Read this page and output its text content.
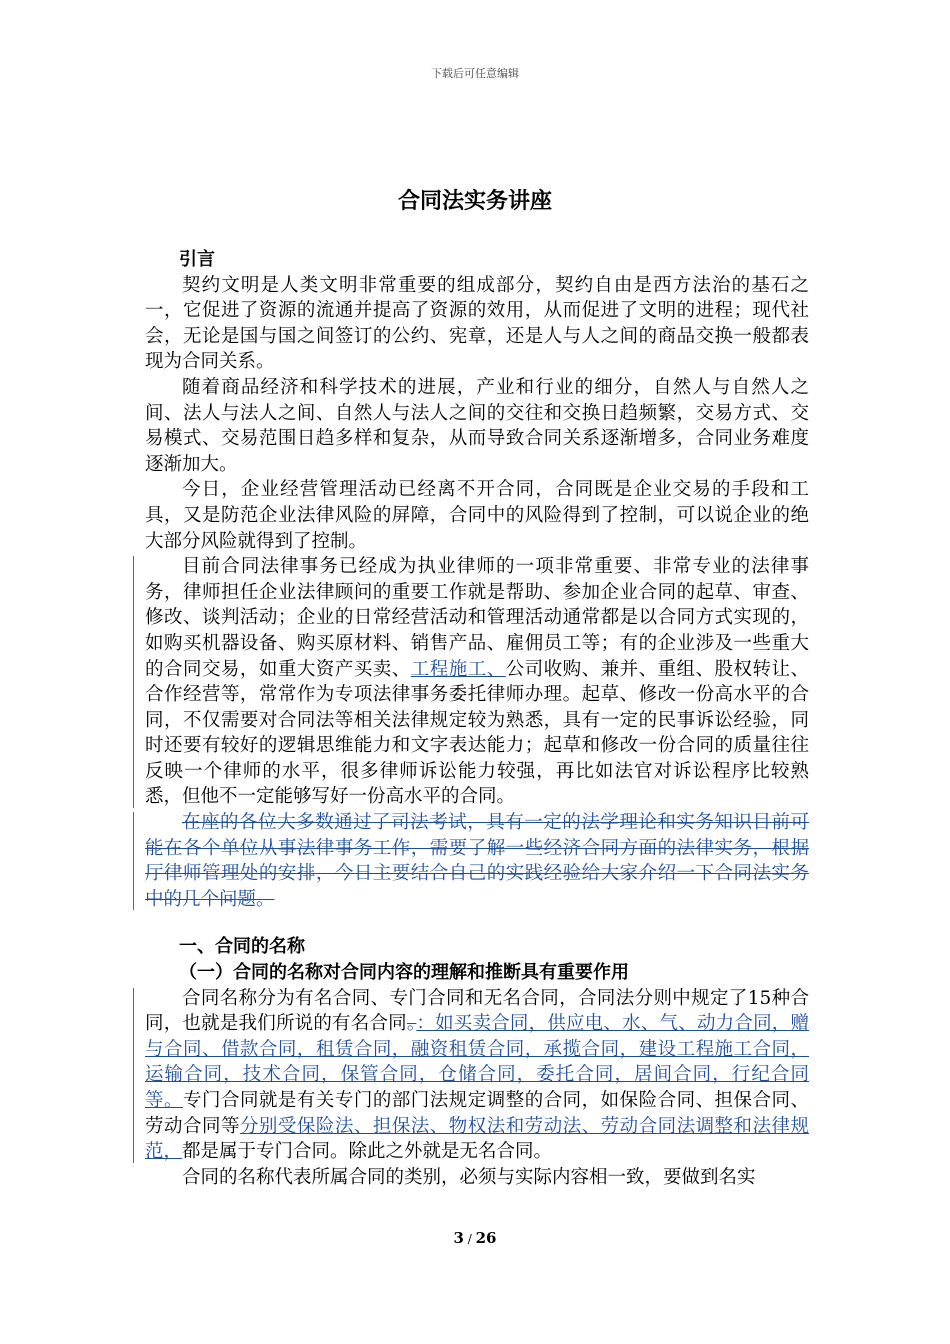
下载后可任意编辑
合同法实务讲座
引言

契约文明是人类文明非常重要的组成部分，契约自由是西方法治的基石之一，它促进了资源的流通并提高了资源的效用，从而促进了文明的进程；现代社会，无论是国与国之间签订的公约、宪章，还是人与人之间的商品交换一般都表现为合同关系。

随着商品经济和科学技术的进展，产业和行业的细分，自然人与自然人之间、法人与法人之间、自然人与法人之间的交往和交换日趋频繁，交易方式、交易模式、交易范围日趋多样和复杂，从而导致合同关系逐渐增多，合同业务难度逐渐加大。

今日，企业经营管理活动已经离不开合同，合同既是企业交易的手段和工具，又是防范企业法律风险的屏障，合同中的风险得到了控制，可以说企业的绝大部分风险就得到了控制。

目前合同法律事务已经成为执业律师的一项非常重要、非常专业的法律事务，律师担任企业法律顾问的重要工作就是帮助、参加企业合同的起草、审查、修改、谈判活动；企业的日常经营活动和管理活动通常都是以合同方式实现的，如购买机器设备、购买原材料、销售产品、雇佣员工等；有的企业涉及一些重大的合同交易，如重大资产买卖、工程施工、公司收购、兼并、重组、股权转让、合作经营等，常常作为专项法律事务委托律师办理。起草、修改一份高水平的合同，不仅需要对合同法等相关法律规定较为熟悉，具有一定的民事诉讼经验，同时还要有较好的逻辑思维能力和文字表达能力；起草和修改一份合同的质量往往反映一个律师的水平，很多律师诉讼能力较强，再比如法官对诉讼程序比较熟悉，但他不一定能够写好一份高水平的合同。

在座的各位大多数通过了司法考试，具有一定的法学理论和实务知识目前可能在各个单位从事法律事务工作，需要了解一些经济合同方面的法律实务，根据厅律师管理处的安排，今日主要结合自己的实践经验给大家介绍一下合同法实务中的几个问题。

一、合同的名称
（一）合同的名称对合同内容的理解和推断具有重要作用

合同名称分为有名合同、专门合同和无名合同，合同法分则中规定了15种合同，也就是我们所说的有名合同。：如买卖合同，供应电、水、气、动力合同，赠与合同、借款合同，租赁合同，融资租赁合同，承揽合同，建设工程施工合同，运输合同，技术合同，保管合同，仓储合同，委托合同，居间合同，行纪合同等。专门合同就是有关专门的部门法规定调整的合同，如保险合同、担保合同、劳动合同等分别受保险法、担保法、物权法和劳动法、劳动合同法调整和法律规范，都是属于专门合同。除此之外就是无名合同。

合同的名称代表所属合同的类别，必须与实际内容相一致，要做到名实

3 / 26
